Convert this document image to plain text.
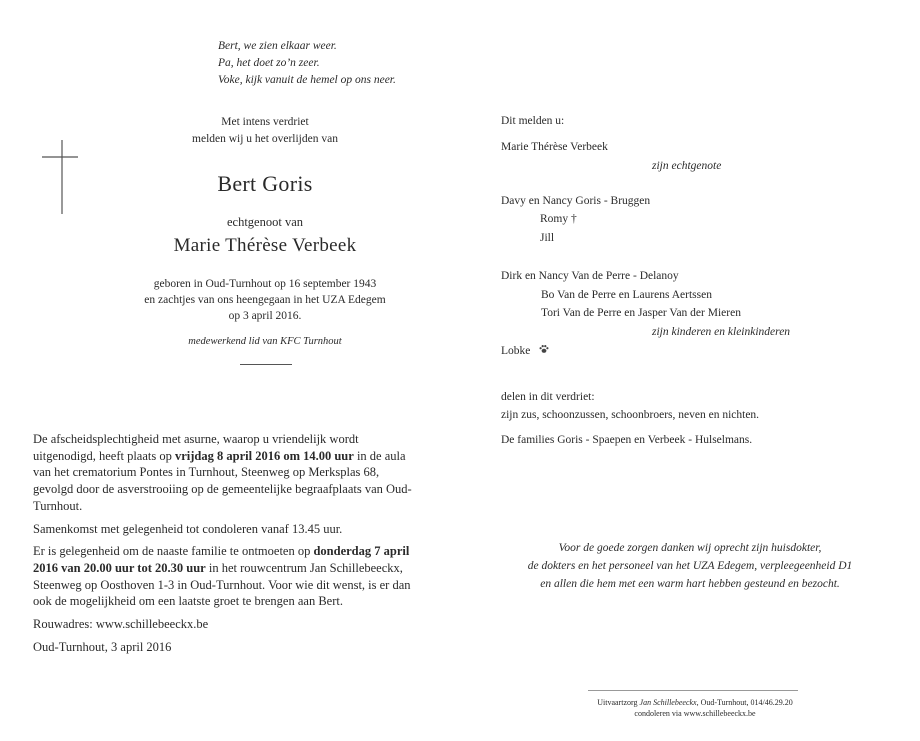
Bert, we zien elkaar weer.
Pa, het doet zo’n zeer.
Voke, kijk vanuit de hemel op ons neer.
Met intens verdriet
melden wij u het overlijden van
Bert Goris
echtgenoot van
Marie Thérèse Verbeek
geboren in Oud-Turnhout op 16 september 1943
en zachtjes van ons heengegaan in het UZA Edegem
op 3 april 2016.
medewerkend lid van KFC Turnhout

De afscheidsplechtigheid met asurne, waarop u vriendelijk wordt uitgenodigd, heeft plaats op vrijdag 8 april 2016 om 14.00 uur in de aula van het crematorium Pontes in Turnhout, Steenweg op Merksplas 68, gevolgd door de asverstrooiing op de gemeentelijke begraafplaats van Oud-Turnhout.

Samenkomst met gelegenheid tot condoleren vanaf 13.45 uur.

Er is gelegenheid om de naaste familie te ontmoeten op donderdag 7 april 2016 van 20.00 uur tot 20.30 uur in het rouwcentrum Jan Schillebeeckx, Steenweg op Oosthoven 1-3 in Oud-Turnhout. Voor wie dit wenst, is er dan ook de mogelijkheid om een laatste groet te brengen aan Bert.

Rouwadres: www.schillebeeckx.be

Oud-Turnhout, 3 april 2016

Dit melden u:
Marie Thérèse Verbeek
zijn echtgenote
Davy en Nancy Goris - Bruggen
Romy †
Jill
Dirk en Nancy Van de Perre - Delanoy
Bo Van de Perre en Laurens Aertssen
Tori Van de Perre en Jasper Van der Mieren
zijn kinderen en kleinkinderen
Lobke
delen in dit verdriet:
zijn zus, schoonzussen, schoonbroers, neven en nichten.
De families Goris - Spaepen en Verbeek - Hulselmans.
Voor de goede zorgen danken wij oprecht zijn huisdokter,
de dokters en het personeel van het UZA Edegem, verpleegeenheid D1
en allen die hem met een warm hart hebben gesteund en bezocht.
Uitvaartzorg Jan Schillebeeckx, Oud-Turnhout, 014/46.29.20
condoleren via www.schillebeeckx.be
